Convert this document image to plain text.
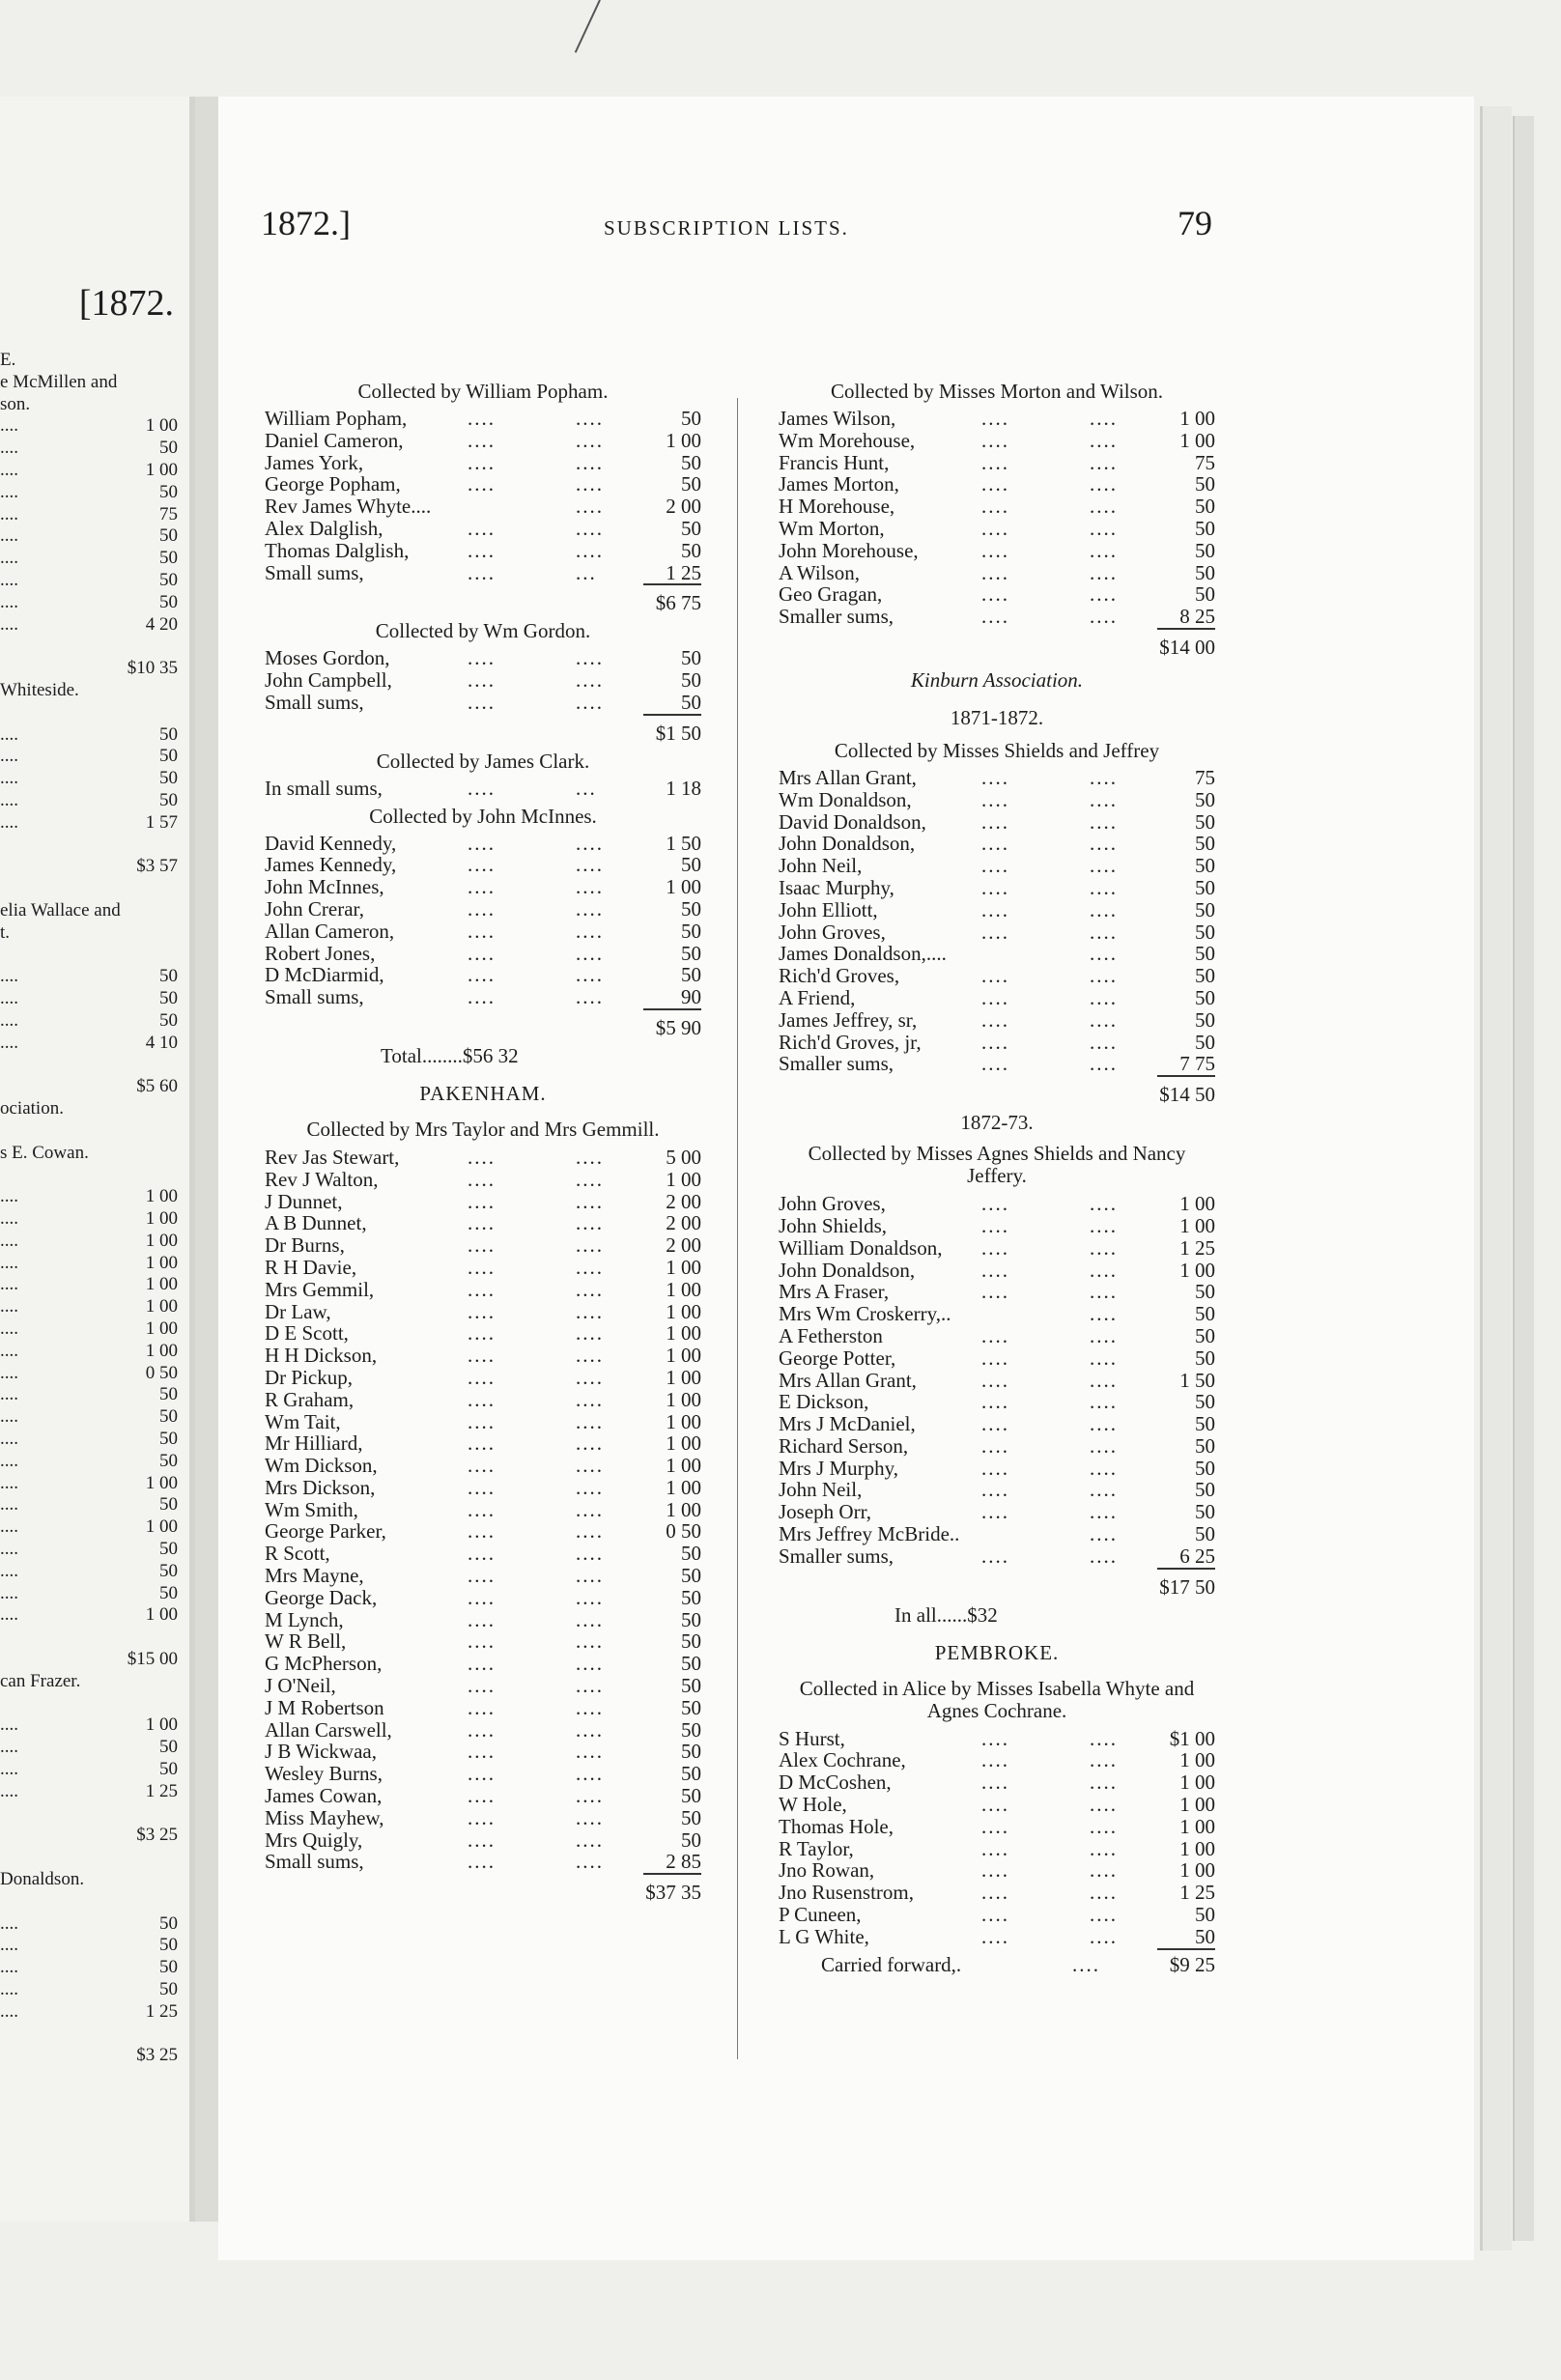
[1872.
E.
e McMillen and
son.
....	1 00
....	50
....	1 00
....	50
....	75
....	50
....	50
....	50
....	50
....	4 20
$10 35
Whiteside.
....	50
....	50
....	50
....	50
....	1 57
$3 57
elia Wallace and
t.
....	50
....	50
....	50
....	4 10
$5 60
ociation.
s E. Cowan.
....	1 00
....	1 00
....	1 00
....	1 00
....	1 00
....	1 00
....	1 00
....	1 00
....	0 50
....	50
....	50
....	50
....	50
....	1 00
....	50
....	1 00
....	50
....	50
....	50
....	1 00
$15 00
can Frazer.
....	1 00
....	50
....	50
....	1 25
$3 25
Donaldson.
....	50
....	50
....	50
....	50
....	1 25
$3 25
1872.]	SUBSCRIPTION LISTS.	79
Collected by William Popham.
William Popham,	....	....	50
Daniel Cameron,	....	....	1 00
James York,	....	....	50
George Popham,	....	....	50
Rev James Whyte....	....	2 00
Alex Dalglish,	....	....	50
Thomas Dalglish,	....	....	50
Small sums,	....	...	1 25
$6 75
Collected by Wm Gordon.
Moses Gordon,	....	....	50
John Campbell,	....	....	50
Small sums,	....	....	50
$1 50
Collected by James Clark.
In small sums,	....	...	1 18
Collected by John McInnes.
David Kennedy,	....	....	1 50
James Kennedy,	....	....	50
John McInnes,	....	....	1 00
John Crerar,	....	....	50
Allan Cameron,	....	....	50
Robert Jones,	....	....	50
D McDiarmid,	....	....	50
Small sums,	....	....	90
$5 90
Total........$56 32
PAKENHAM.
Collected by Mrs Taylor and Mrs Gemmill.
Rev Jas Stewart,	....	....	5 00
Rev J Walton,	....	....	1 00
J Dunnet,	....	....	2 00
A B Dunnet,	....	....	2 00
Dr Burns,	....	....	2 00
R H Davie,	....	....	1 00
Mrs Gemmil,	....	....	1 00
Dr Law,	....	....	1 00
D E Scott,	....	....	1 00
H H Dickson,	....	....	1 00
Dr Pickup,	....	....	1 00
R Graham,	....	....	1 00
Wm Tait,	....	....	1 00
Mr Hilliard,	....	....	1 00
Wm Dickson,	....	....	1 00
Mrs Dickson,	....	....	1 00
Wm Smith,	....	....	1 00
George Parker,	....	....	0 50
R Scott,	....	....	50
Mrs Mayne,	....	....	50
George Dack,	....	....	50
M Lynch,	....	....	50
W R Bell,	....	....	50
G McPherson,	....	....	50
J O'Neil,	....	....	50
J M Robertson	....	....	50
Allan Carswell,	....	....	50
J B Wickwaa,	....	....	50
Wesley Burns,	....	....	50
James Cowan,	....	....	50
Miss Mayhew,	....	....	50
Mrs Quigly,	....	....	50
Small sums,	....	....	2 85
$37 35
Collected by Misses Morton and Wilson.
James Wilson,	....	....	1 00
Wm Morehouse,	....	....	1 00
Francis Hunt,	....	....	75
James Morton,	....	....	50
H Morehouse,	....	....	50
Wm Morton,	....	....	50
John Morehouse,	....	....	50
A Wilson,	....	....	50
Geo Gragan,	....	....	50
Smaller sums,	....	....	8 25
$14 00
Kinburn Association.
1871-1872.
Collected by Misses Shields and Jeffrey
Mrs Allan Grant,	....	....	75
Wm Donaldson,	....	....	50
David Donaldson,	....	....	50
John Donaldson,	....	....	50
John Neil,	....	....	50
Isaac Murphy,	....	....	50
John Elliott,	....	....	50
John Groves,	....	....	50
James Donaldson,....	....	50
Rich'd Groves,	....	....	50
A Friend,	....	....	50
James Jeffrey, sr,	....	....	50
Rich'd Groves, jr,	....	....	50
Smaller sums,	....	....	7 75
$14 50
1872-73.
Collected by Misses Agnes Shields and Nancy Jeffery.
John Groves,	....	....	1 00
John Shields,	....	....	1 00
William Donaldson, ....	....	1 25
John Donaldson,	....	....	1 00
Mrs A Fraser,	....	....	50
Mrs Wm Croskerry,..	....	50
A Fetherston	....	....	50
George Potter,	....	....	50
Mrs Allan Grant,	....	....	1 50
E Dickson,	....	....	50
Mrs J McDaniel,	....	....	50
Richard Serson,	....	....	50
Mrs J Murphy,	....	....	50
John Neil,	....	....	50
Joseph Orr,	....	....	50
Mrs Jeffrey McBride..	....	50
Smaller sums,	....	....	6 25
$17 50
In all......$32
PEMBROKE.
Collected in Alice by Misses Isabella Whyte and Agnes Cochrane.
S Hurst,	....	....	$1 00
Alex Cochrane,	....	....	1 00
D McCoshen,	....	....	1 00
W Hole,	....	....	1 00
Thomas Hole,	....	....	1 00
R Taylor,	....	....	1 00
Jno Rowan,	....	....	1 00
Jno Rusenstrom,	....	....	1 25
P Cuneen,	....	....	50
L G White,	....	....	50
Carried forward,.	....	$9 25
